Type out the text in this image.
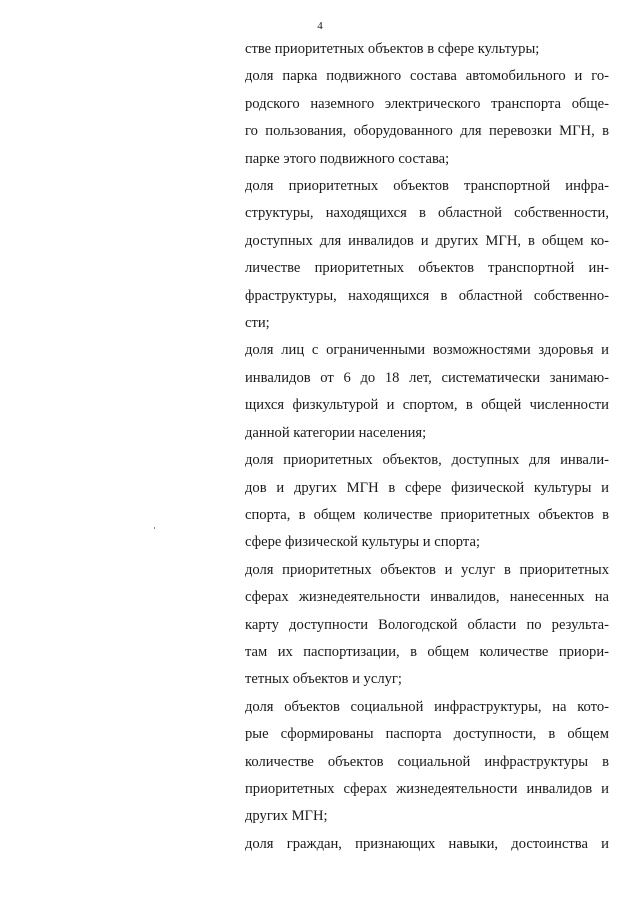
4
стве приоритетных объектов в сфере культуры;
доля парка подвижного состава автомобильного и го-
родского наземного электрического транспорта обще-
го пользования, оборудованного для перевозки МГН, в
парке этого подвижного состава;
доля приоритетных объектов транспортной инфра-
структуры, находящихся в областной собственности,
доступных для инвалидов и других МГН, в общем ко-
личестве приоритетных объектов транспортной ин-
фраструктуры, находящихся в областной собственно-
сти;
доля лиц с ограниченными возможностями здоровья и
инвалидов от 6 до 18 лет, систематически занимаю-
щихся физкультурой и спортом, в общей численности
данной категории населения;
доля приоритетных объектов, доступных для инвали-
дов и других МГН в сфере физической культуры и
спорта, в общем количестве приоритетных объектов в
сфере физической культуры и спорта;
доля приоритетных объектов и услуг в приоритетных
сферах жизнедеятельности инвалидов, нанесенных на
карту доступности Вологодской области по результа-
там их паспортизации, в общем количестве приори-
тетных объектов и услуг;
доля объектов социальной инфраструктуры, на кото-
рые сформированы паспорта доступности, в общем
количестве объектов социальной инфраструктуры в
приоритетных сферах жизнедеятельности инвалидов и
других МГН;
доля граждан, признающих навыки, достоинства и
